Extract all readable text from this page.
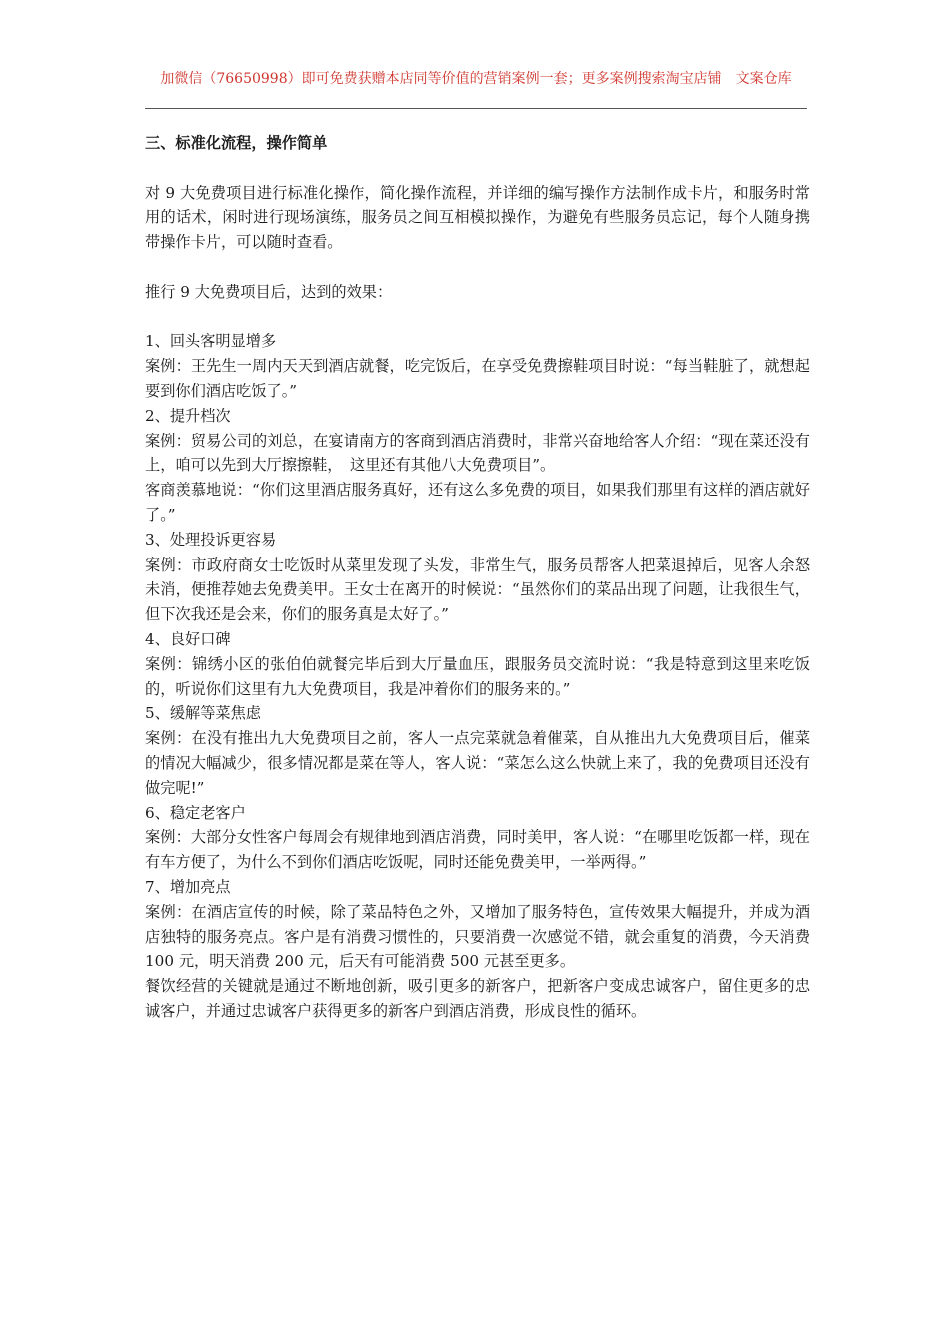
加微信（76650998）即可免费获赠本店同等价值的营销案例一套；更多案例搜索淘宝店铺　文案仓库

三、标准化流程，操作简单

对 9 大免费项目进行标准化操作，简化操作流程，并详细的编写操作方法制作成卡片，和服务时常用的话术，闲时进行现场演练，服务员之间互相模拟操作，为避免有些服务员忘记，每个人随身携带操作卡片，可以随时查看。

推行 9 大免费项目后，达到的效果：

1、回头客明显增多

案例：王先生一周内天天到酒店就餐，吃完饭后，在享受免费擦鞋项目时说：“每当鞋脏了，就想起要到你们酒店吃饭了。”

2、提升档次

案例：贸易公司的刘总，在宴请南方的客商到酒店消费时，非常兴奋地给客人介绍：“现在菜还没有上，咱可以先到大厅擦擦鞋，　这里还有其他八大免费项目”。

客商羡慕地说：“你们这里酒店服务真好，还有这么多免费的项目，如果我们那里有这样的酒店就好了。”

3、处理投诉更容易

案例：市政府商女士吃饭时从菜里发现了头发，非常生气，服务员帮客人把菜退掉后，见客人余怒未消，便推荐她去免费美甲。王女士在离开的时候说：“虽然你们的菜品出现了问题，让我很生气，但下次我还是会来，你们的服务真是太好了。”

4、良好口碑

案例：锦绣小区的张伯伯就餐完毕后到大厅量血压，跟服务员交流时说：“我是特意到这里来吃饭的，听说你们这里有九大免费项目，我是冲着你们的服务来的。”

5、缓解等菜焦虑

案例：在没有推出九大免费项目之前，客人一点完菜就急着催菜，自从推出九大免费项目后，催菜的情况大幅减少，很多情况都是菜在等人，客人说：“菜怎么这么快就上来了，我的免费项目还没有做完呢!”

6、稳定老客户

案例：大部分女性客户每周会有规律地到酒店消费，同时美甲，客人说：“在哪里吃饭都一样，现在有车方便了，为什么不到你们酒店吃饭呢，同时还能免费美甲，一举两得。”

7、增加亮点

案例：在酒店宣传的时候，除了菜品特色之外，又增加了服务特色，宣传效果大幅提升，并成为酒店独特的服务亮点。客户是有消费习惯性的，只要消费一次感觉不错，就会重复的消费，今天消费 100 元，明天消费 200 元，后天有可能消费 500 元甚至更多。

餐饮经营的关键就是通过不断地创新，吸引更多的新客户，把新客户变成忠诚客户，留住更多的忠诚客户，并通过忠诚客户获得更多的新客户到酒店消费，形成良性的循环。
